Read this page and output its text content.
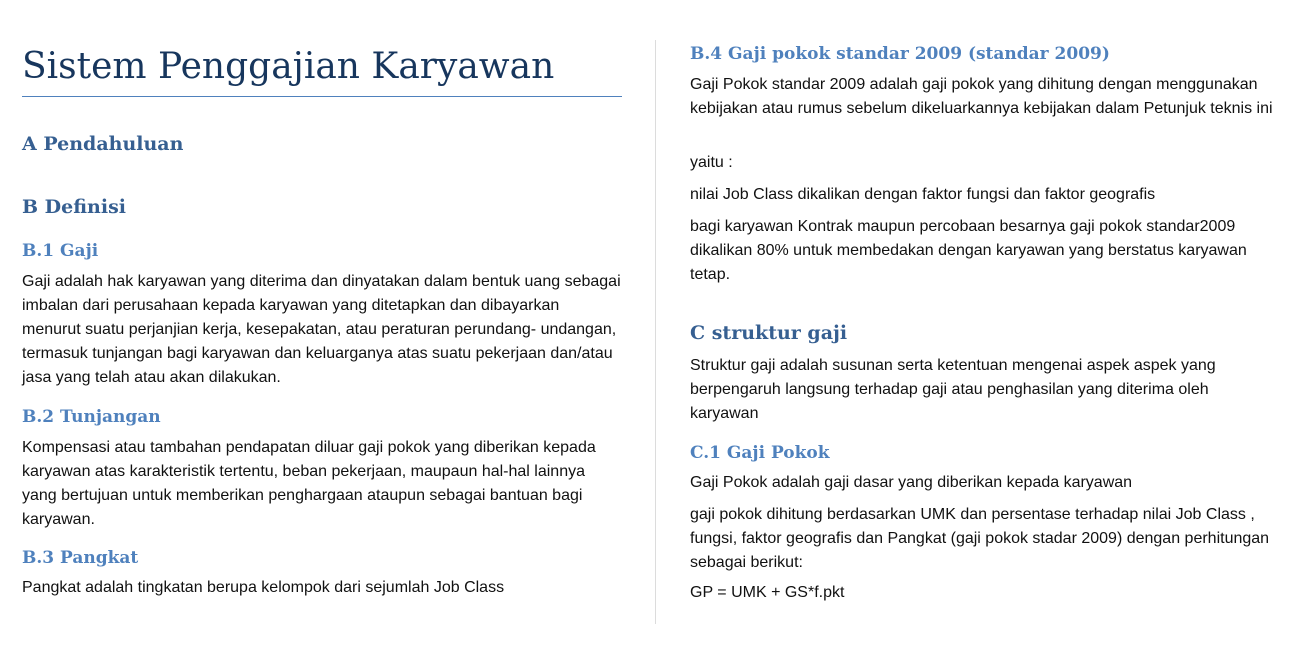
Sistem Penggajian Karyawan
A Pendahuluan
B Definisi
B.1 Gaji

Gaji adalah hak karyawan yang diterima dan dinyatakan dalam bentuk uang sebagai imbalan dari perusahaan kepada karyawan yang ditetapkan dan dibayarkan menurut suatu perjanjian kerja, kesepakatan, atau peraturan perundang- undangan, termasuk tunjangan bagi karyawan dan keluarganya atas suatu pekerjaan dan/atau jasa yang telah atau akan dilakukan.

B.2 Tunjangan

Kompensasi atau tambahan pendapatan diluar gaji pokok yang diberikan kepada karyawan atas karakteristik tertentu, beban pekerjaan, maupaun hal-hal lainnya yang bertujuan untuk memberikan penghargaan ataupun sebagai bantuan bagi karyawan.

B.3 Pangkat

Pangkat adalah tingkatan berupa kelompok dari sejumlah Job Class

B.4 Gaji pokok standar 2009 (standar 2009)

Gaji Pokok standar 2009 adalah gaji pokok yang dihitung dengan menggunakan kebijakan atau rumus sebelum dikeluarkannya kebijakan dalam Petunjuk teknis ini

yaitu :

nilai Job Class dikalikan dengan faktor fungsi dan faktor geografis

bagi karyawan Kontrak maupun percobaan besarnya gaji pokok standar2009 dikalikan 80% untuk membedakan dengan karyawan yang berstatus karyawan tetap.

C struktur gaji

Struktur gaji adalah susunan serta ketentuan mengenai aspek aspek yang berpengaruh langsung terhadap gaji atau penghasilan yang diterima oleh karyawan

C.1 Gaji Pokok

Gaji Pokok adalah gaji dasar yang diberikan kepada karyawan

gaji pokok dihitung berdasarkan UMK dan persentase terhadap nilai Job Class , fungsi, faktor geografis dan Pangkat (gaji pokok stadar 2009) dengan perhitungan sebagai berikut:

GP = UMK + GS*f.pkt
